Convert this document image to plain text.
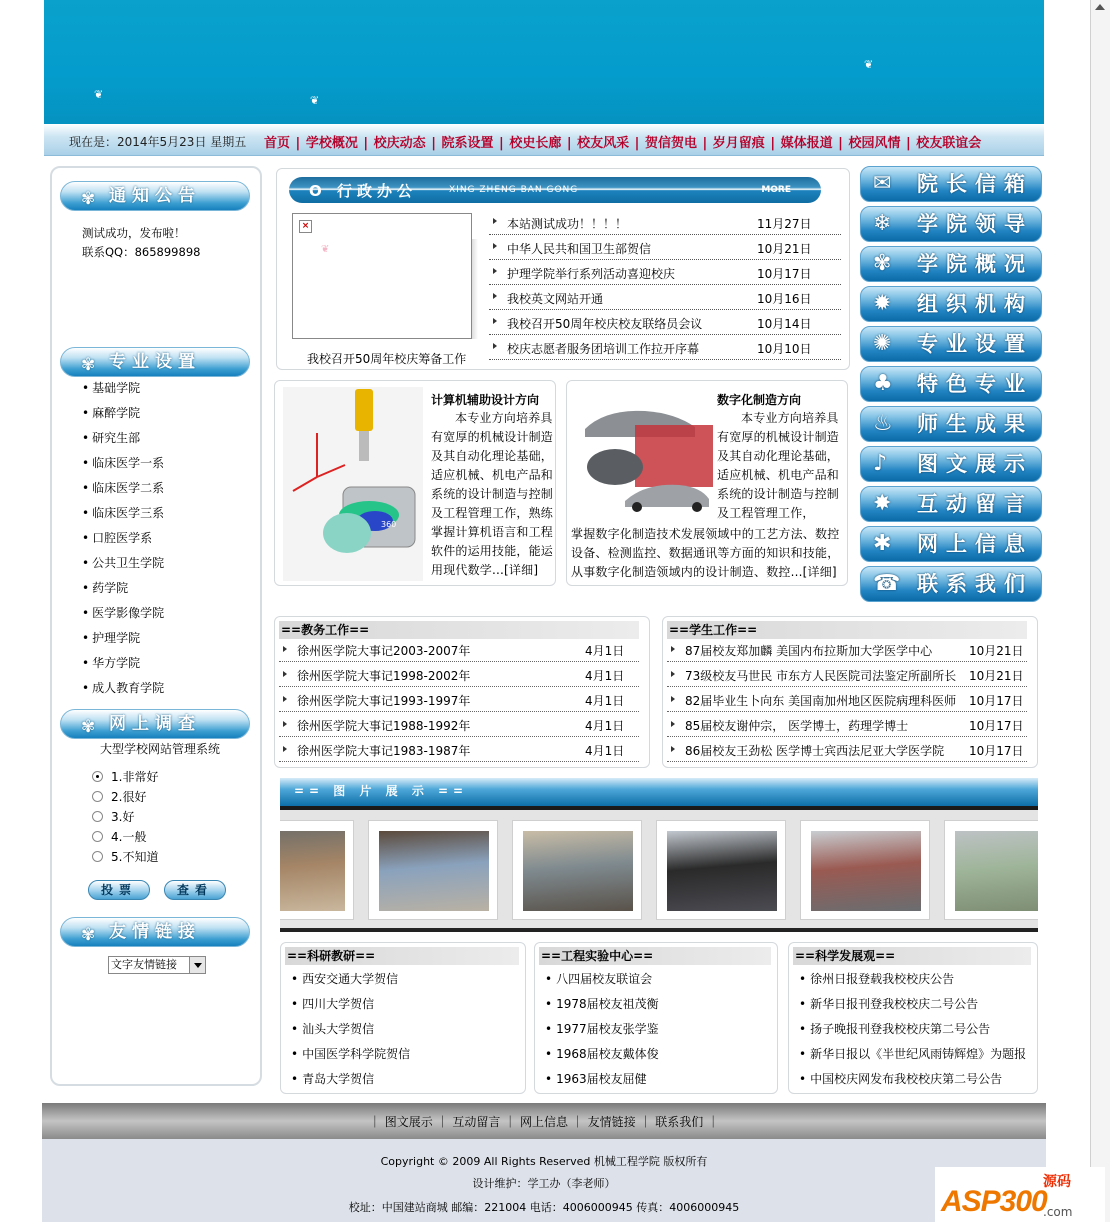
❦	❦
❦
现在是：2014年5月23日 星期五 首页 | 学校概况 | 校庆动态 | 院系设置 | 校史长廊 | 校友风采 | 贺信贺电 | 岁月留痕 | 媒体报道 | 校园风情 | 校友联谊会
✾ 通知公告
测试成功，发布啦！
联系QQ：865899898
✾ 专业设置
• 基础学院
• 麻醉学院
• 研究生部
• 临床医学一系
• 临床医学二系
• 临床医学三系
• 口腔医学系
• 公共卫生学院
• 药学院
• 医学影像学院
• 护理学院
• 华方学院
• 成人教育学院
✾ 网上调查
大型学校网站管理系统
1.非常好
2.很好
3.好
4.一般
5.不知道
投票	查看
✾ 友情链接
文字友情链接
O 行政办公	XING ZHENG BAN GONG	MORE
×
❦
我校召开50周年校庆筹备工作
本站测试成功！！！！	11月27日
中华人民共和国卫生部贺信	10月21日
护理学院举行系列活动喜迎校庆	10月17日
我校英文网站开通	10月16日
我校召开50周年校庆校友联络员会议	10月14日
校庆志愿者服务团培训工作拉开序幕	10月10日
360
计算机辅助设计方向
本专业方向培养具
有宽厚的机械设计制造
及其自动化理论基础，
适应机械、机电产品和
系统的设计制造与控制
及工程管理工作，熟练
掌握计算机语言和工程
软件的运用技能，能运
用现代数学...[详细]
数字化制造方向
本专业方向培养具
有宽厚的机械设计制造
及其自动化理论基础，
适应机械、机电产品和
系统的设计制造与控制
及工程管理工作，
掌握数字化制造技术发展领域中的工艺方法、数控
设备、检测监控、数据通讯等方面的知识和技能，
从事数字化制造领域内的设计制造、数控...[详细]
✉ 院长信箱
❄ 学院领导
✾ 学院概况
✹ 组织机构
✺ 专业设置
♣ 特色专业
♨ 师生成果
♪ 图文展示
✸ 互动留言
✱ 网上信息
☎ 联系我们
==教务工作==
徐州医学院大事记2003-2007年	4月1日
徐州医学院大事记1998-2002年	4月1日
徐州医学院大事记1993-1997年	4月1日
徐州医学院大事记1988-1992年	4月1日
徐州医学院大事记1983-1987年	4月1日
==学生工作==
87届校友郑加麟 美国内布拉斯加大学医学中心	10月21日
73级校友马世民 市东方人民医院司法鉴定所副所长	10月21日
82届毕业生卜向东 美国南加州地区医院病理科医师	10月17日
85届校友谢仲宗， 医学博士，药理学博士	10月17日
86届校友王劲松 医学博士宾西法尼亚大学医学院	10月17日
== 图 片 展 示 ==
==科研教研==
• 西安交通大学贺信
• 四川大学贺信
• 汕头大学贺信
• 中国医学科学院贺信
• 青岛大学贺信
==工程实验中心==
• 八四届校友联谊会
• 1978届校友祖茂衡
• 1977届校友张学鉴
• 1968届校友戴体俊
• 1963届校友屈健
==科学发展观==
• 徐州日报登载我校校庆公告
• 新华日报刊登我校校庆二号公告
• 扬子晚报刊登我校校庆第二号公告
• 新华日报以《半世纪风雨铸辉煌》为题报
• 中国校庆网发布我校校庆第二号公告
｜ 图文展示 ｜ 互动留言 ｜ 网上信息 ｜ 友情链接 ｜ 联系我们 ｜
Copyright © 2009 All Rights Reserved 机械工程学院 版权所有
设计维护：学工办（李老师）
校址：中国建站商城 邮编：221004 电话：4006000945 传真：4006000945	ASP300
源码
.com
